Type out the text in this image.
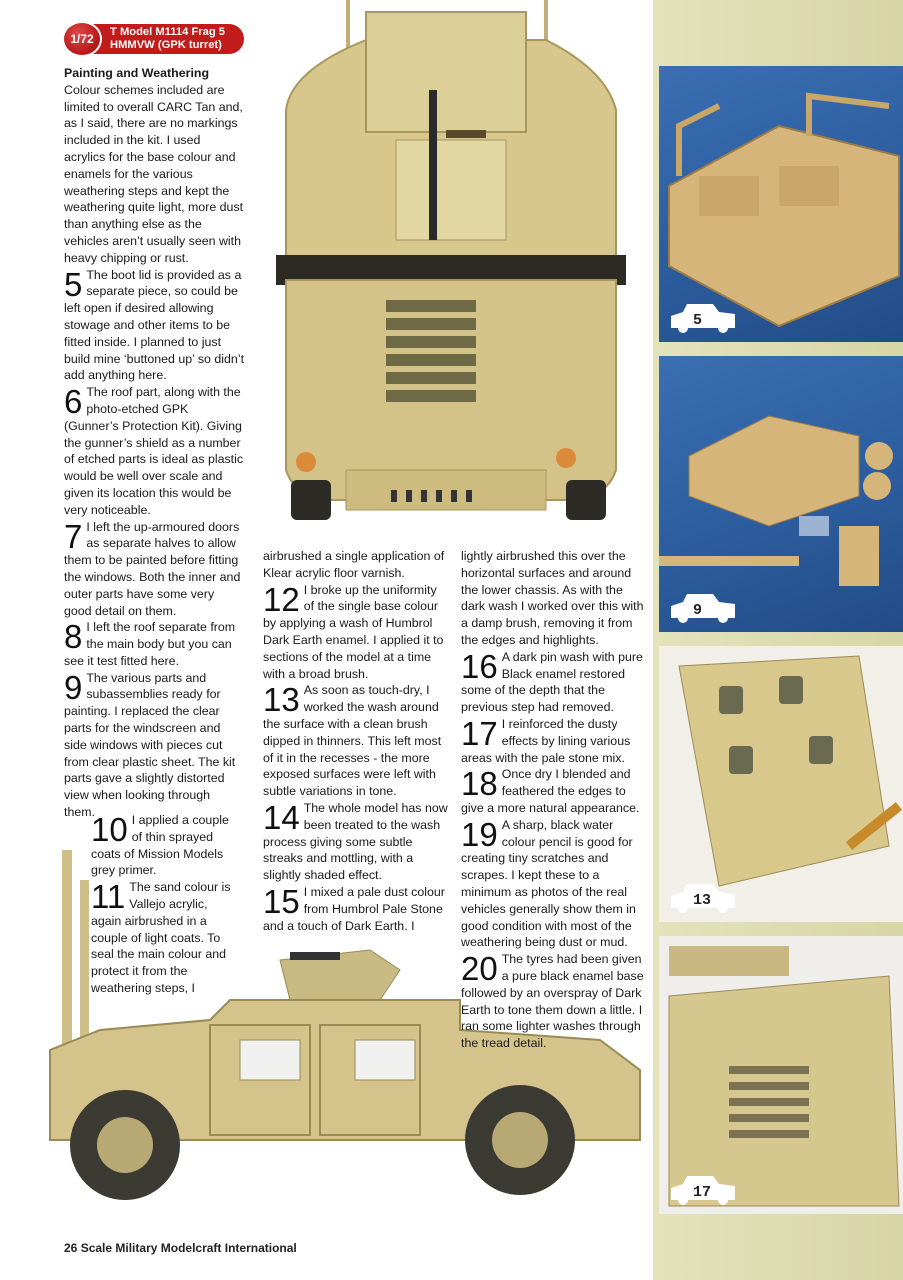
1/72	T Model M1114 Frag 5
HMMVW (GPK turret)

Painting and Weathering

Colour schemes included are limited to overall CARC Tan and, as I said, there are no markings included in the kit. I used acrylics for the base colour and enamels for the various weathering steps and kept the weathering quite light, more dust than anything else as the vehicles aren’t usually seen with heavy chipping or rust.

5 The boot lid is provided as a separate piece, so could be left open if desired allowing stowage and other items to be fitted inside. I planned to just build mine ‘buttoned up’ so didn’t add anything here.
6 The roof part, along with the photo-etched GPK (Gunner’s Protection Kit). Giving the gunner’s shield as a number of etched parts is ideal as plastic would be well over scale and given its location this would be very noticeable.
7 I left the up-armoured doors as separate halves to allow them to be painted before fitting the windows. Both the inner and outer parts have some very good detail on them.
8 I left the roof separate from the main body but you can see it test fitted here.
9 The various parts and subassemblies ready for painting. I replaced the clear parts for the windscreen and side windows with pieces cut from clear plastic sheet. The kit parts gave a slightly distorted view when looking through them.
10 I applied a couple of thin sprayed coats of Mission Models grey primer.
11 The sand colour is Vallejo acrylic, again airbrushed in a couple of light coats. To seal the main colour and protect it from the weathering steps, I

airbrushed a single application of Klear acrylic floor varnish.

12 I broke up the uniformity of the single base colour by applying a wash of Humbrol Dark Earth enamel. I applied it to sections of the model at a time with a broad brush.
13 As soon as touch-dry, I worked the wash around the surface with a clean brush dipped in thinners. This left most of it in the recesses - the more exposed surfaces were left with subtle variations in tone.
14 The whole model has now been treated to the wash process giving some subtle streaks and mottling, with a slightly shaded effect.
15 I mixed a pale dust colour from Humbrol Pale Stone and a touch of Dark Earth. I

lightly airbrushed this over the horizontal surfaces and around the lower chassis. As with the dark wash I worked over this with a damp brush, removing it from the edges and highlights.

16 A dark pin wash with pure Black enamel restored some of the depth that the previous step had removed.
17 I reinforced the dusty effects by lining various areas with the pale stone mix.
18 Once dry I blended and feathered the edges to give a more natural appearance.
19 A sharp, black water colour pencil is good for creating tiny scratches and scrapes. I kept these to a minimum as photos of the real vehicles generally show them in good condition with most of the weathering being dust or mud.
20 The tyres had been given a pure black enamel base followed by an overspray of Dark Earth to tone them down a little. I ran some lighter washes through the tread detail.
5
9
13
17
26 Scale Military Modelcraft International
